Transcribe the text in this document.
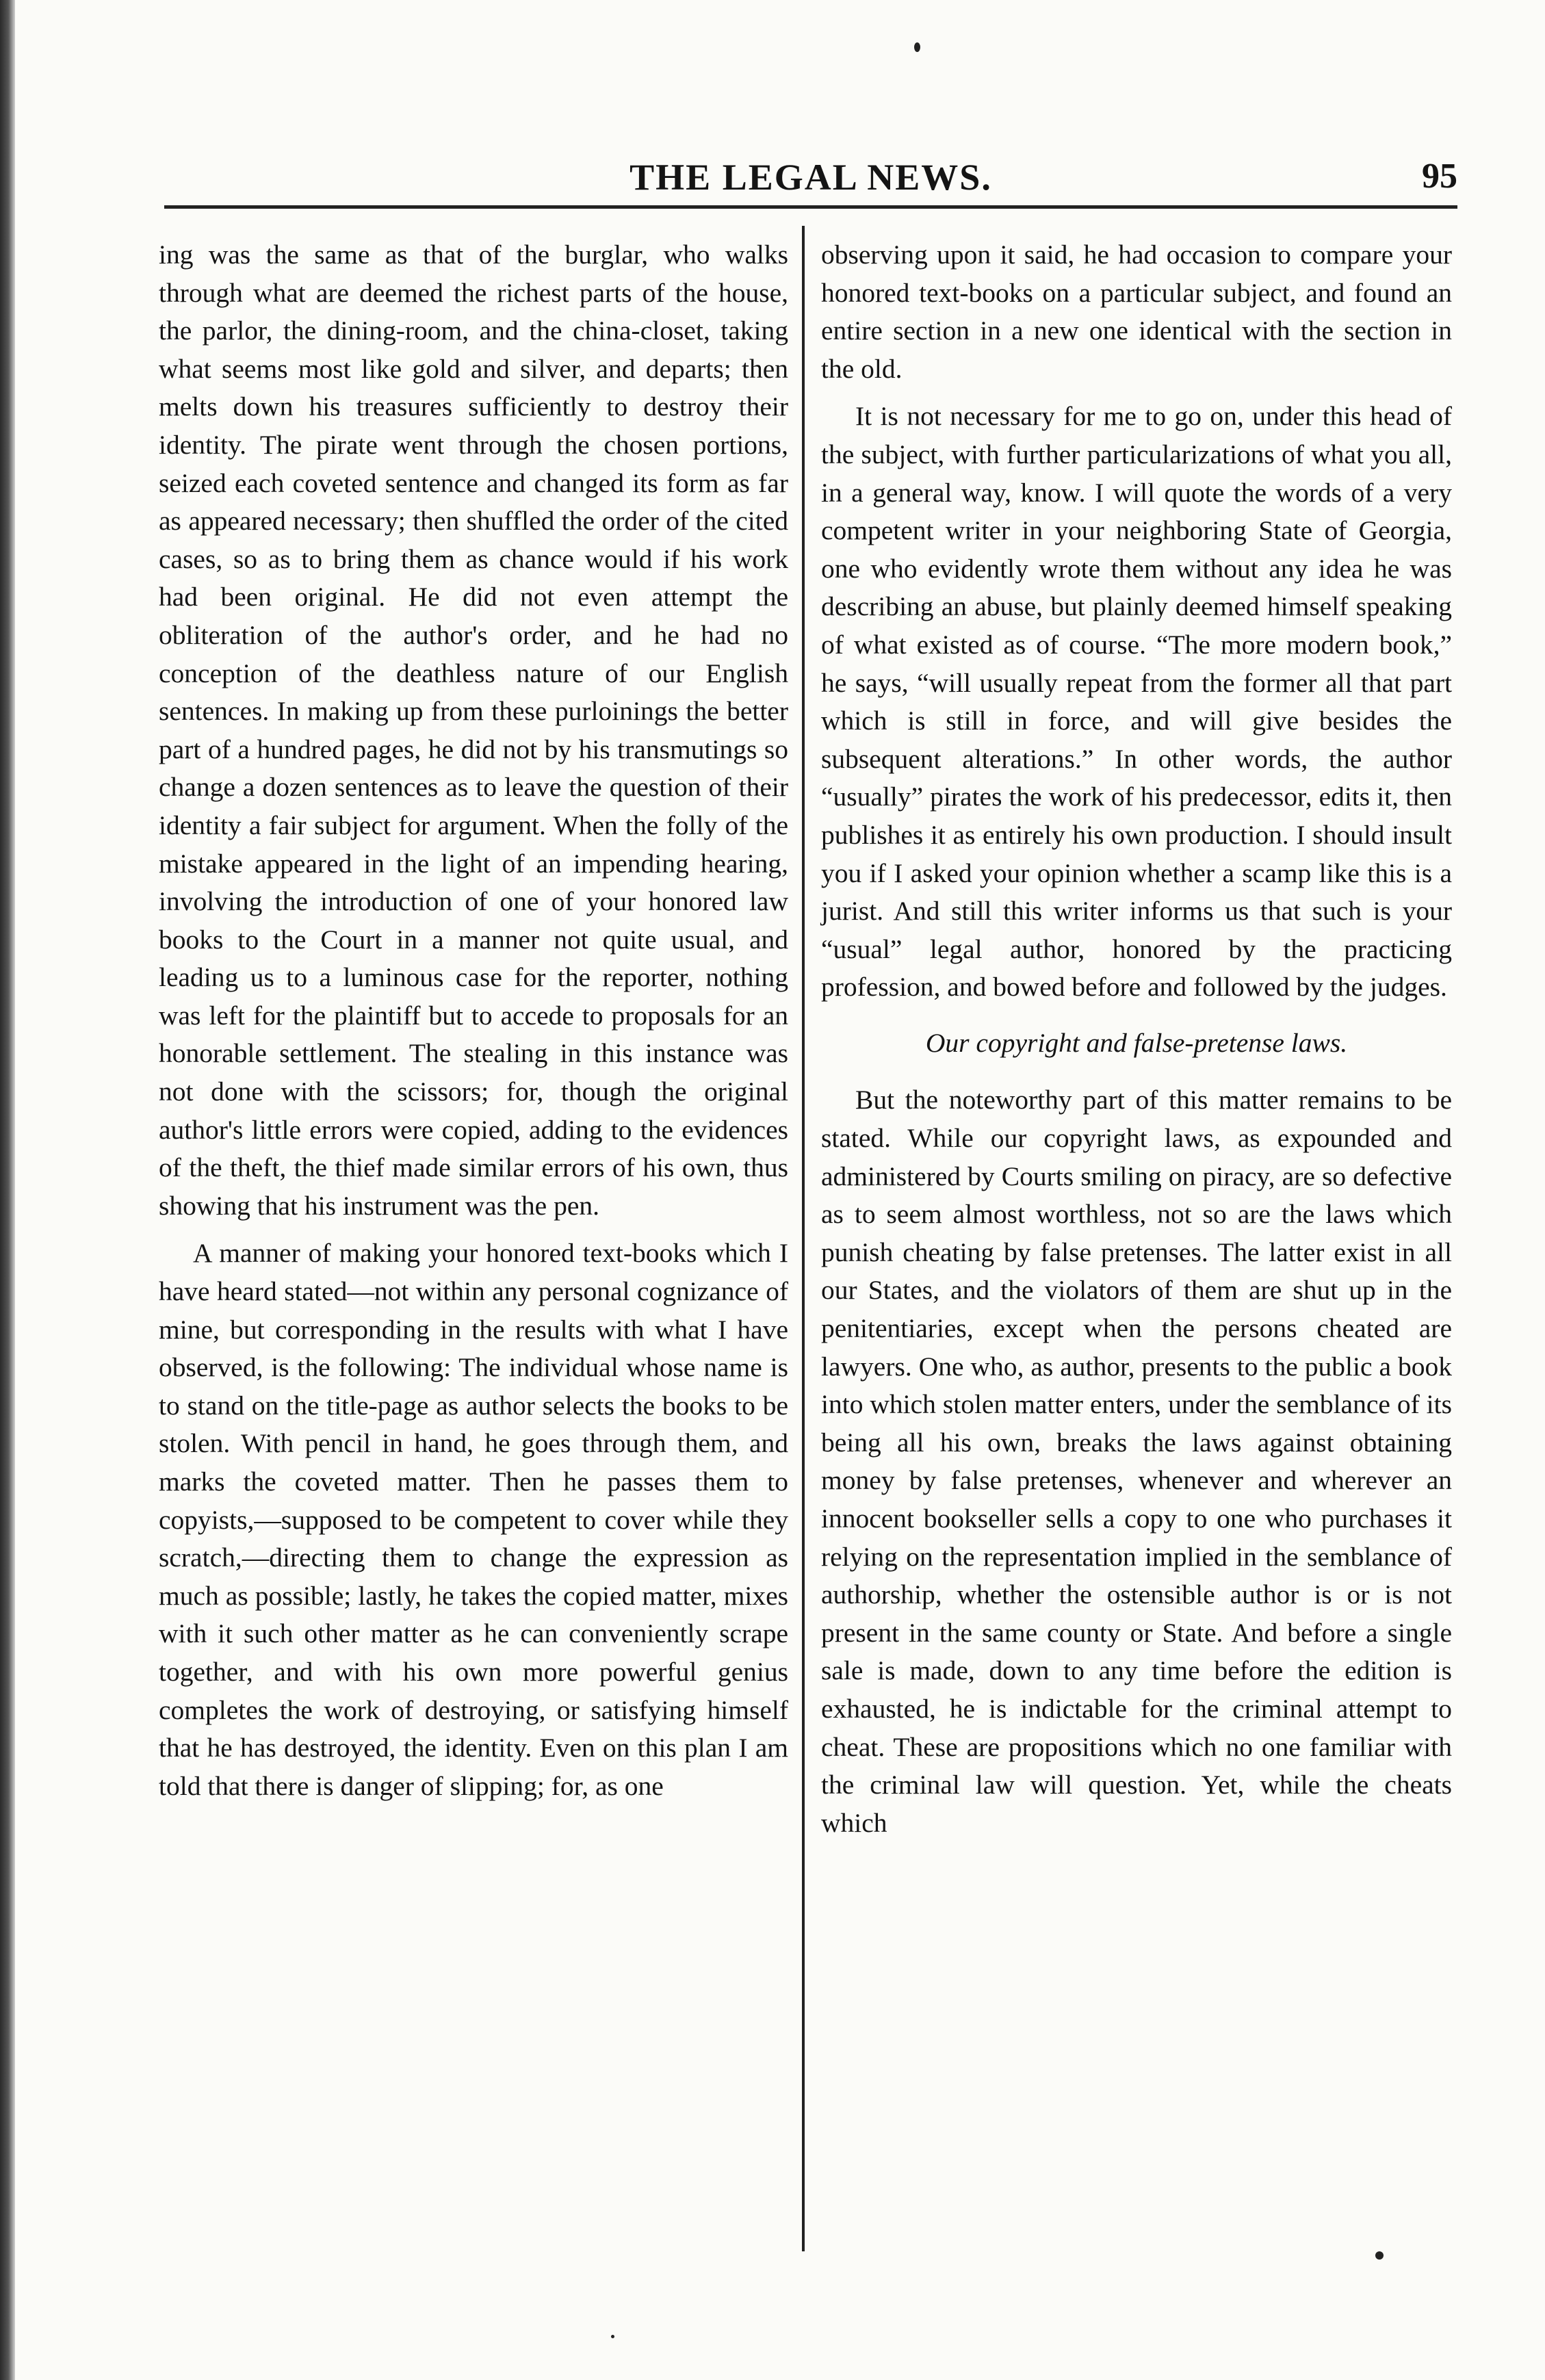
THE LEGAL NEWS.	95

ing was the same as that of the burglar, who walks through what are deemed the richest parts of the house, the parlor, the dining-room, and the china-closet, taking what seems most like gold and silver, and departs; then melts down his treasures sufficiently to destroy their identity. The pirate went through the chosen portions, seized each coveted sentence and changed its form as far as appeared necessary; then shuffled the order of the cited cases, so as to bring them as chance would if his work had been original. He did not even attempt the obliteration of the author's order, and he had no conception of the deathless nature of our English sentences. In making up from these purloinings the better part of a hundred pages, he did not by his transmutings so change a dozen sentences as to leave the question of their identity a fair subject for argument. When the folly of the mistake appeared in the light of an impending hearing, involving the introduction of one of your honored law books to the Court in a manner not quite usual, and leading us to a luminous case for the reporter, nothing was left for the plaintiff but to accede to proposals for an honorable settlement. The stealing in this instance was not done with the scissors; for, though the original author's little errors were copied, adding to the evidences of the theft, the thief made similar errors of his own, thus showing that his instrument was the pen.

A manner of making your honored text-books which I have heard stated—not within any personal cognizance of mine, but corresponding in the results with what I have observed, is the following: The individual whose name is to stand on the title-page as author selects the books to be stolen. With pencil in hand, he goes through them, and marks the coveted matter. Then he passes them to copyists,—supposed to be competent to cover while they scratch,—directing them to change the expression as much as possible; lastly, he takes the copied matter, mixes with it such other matter as he can conveniently scrape together, and with his own more powerful genius completes the work of destroying, or satisfying himself that he has destroyed, the identity. Even on this plan I am told that there is danger of slipping; for, as one

observing upon it said, he had occasion to compare your honored text-books on a particular subject, and found an entire section in a new one identical with the section in the old.

It is not necessary for me to go on, under this head of the subject, with further particularizations of what you all, in a general way, know. I will quote the words of a very competent writer in your neighboring State of Georgia, one who evidently wrote them without any idea he was describing an abuse, but plainly deemed himself speaking of what existed as of course. “The more modern book,” he says, “will usually repeat from the former all that part which is still in force, and will give besides the subsequent alterations.” In other words, the author “usually” pirates the work of his predecessor, edits it, then publishes it as entirely his own production. I should insult you if I asked your opinion whether a scamp like this is a jurist. And still this writer informs us that such is your “usual” legal author, honored by the practicing profession, and bowed before and followed by the judges.

Our copyright and false-pretense laws.

But the noteworthy part of this matter remains to be stated. While our copyright laws, as expounded and administered by Courts smiling on piracy, are so defective as to seem almost worthless, not so are the laws which punish cheating by false pretenses. The latter exist in all our States, and the violators of them are shut up in the penitentiaries, except when the persons cheated are lawyers. One who, as author, presents to the public a book into which stolen matter enters, under the semblance of its being all his own, breaks the laws against obtaining money by false pretenses, whenever and wherever an innocent bookseller sells a copy to one who purchases it relying on the representation implied in the semblance of authorship, whether the ostensible author is or is not present in the same county or State. And before a single sale is made, down to any time before the edition is exhausted, he is indictable for the criminal attempt to cheat. These are propositions which no one familiar with the criminal law will question. Yet, while the cheats which
